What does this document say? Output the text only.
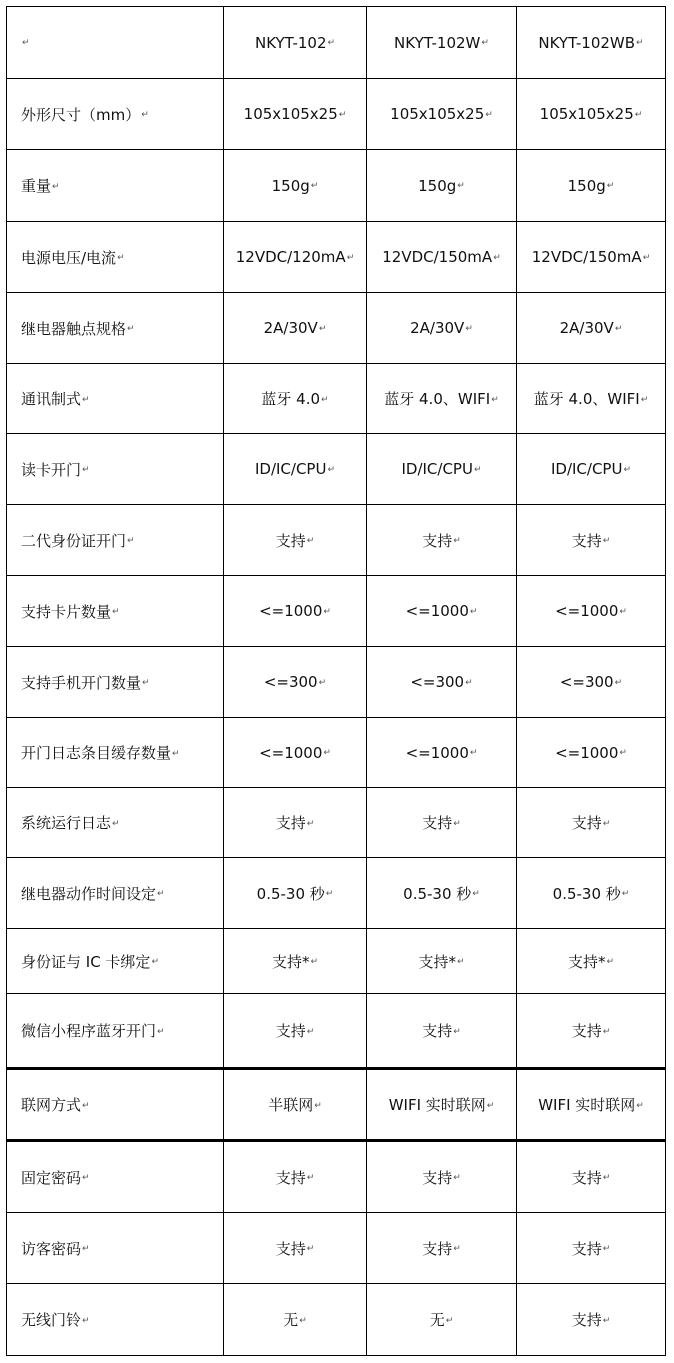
↵	NKYT-102↵	NKYT-102W↵	NKYT-102WB↵
外形尺寸（mm）↵	105x105x25↵	105x105x25↵	105x105x25↵
重量↵	150g↵	150g↵	150g↵
电源电压/电流↵	12VDC/120mA↵	12VDC/150mA↵	12VDC/150mA↵
继电器触点规格↵	2A/30V↵	2A/30V↵	2A/30V↵
通讯制式↵	蓝牙 4.0↵	蓝牙 4.0、WIFI↵	蓝牙 4.0、WIFI↵
读卡开门↵	ID/IC/CPU↵	ID/IC/CPU↵	ID/IC/CPU↵
二代身份证开门↵	支持↵	支持↵	支持↵
支持卡片数量↵	<=1000↵	<=1000↵	<=1000↵
支持手机开门数量↵	<=300↵	<=300↵	<=300↵
开门日志条目缓存数量↵	<=1000↵	<=1000↵	<=1000↵
系统运行日志↵	支持↵	支持↵	支持↵
继电器动作时间设定↵	0.5-30 秒↵	0.5-30 秒↵	0.5-30 秒↵
身份证与 IC 卡绑定↵	支持*↵	支持*↵	支持*↵
微信小程序蓝牙开门↵	支持↵	支持↵	支持↵
联网方式↵	半联网↵	WIFI 实时联网↵	WIFI 实时联网↵
固定密码↵	支持↵	支持↵	支持↵
访客密码↵	支持↵	支持↵	支持↵
无线门铃↵	无↵	无↵	支持↵
